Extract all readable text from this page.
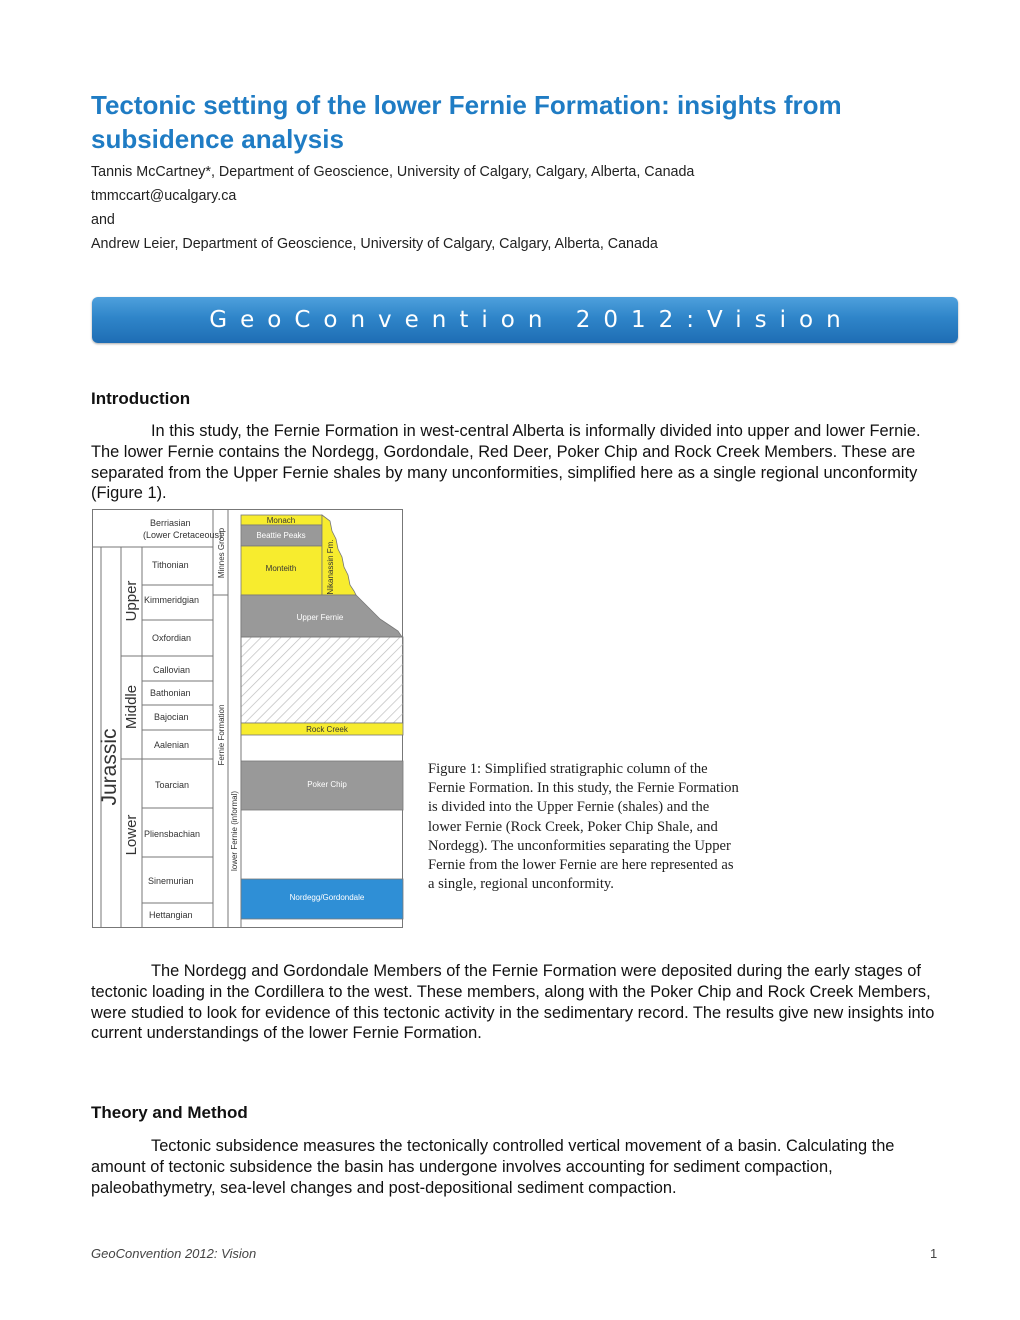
Tectonic setting of the lower Fernie Formation: insights from subsidence analysis
Tannis McCartney*, Department of Geoscience, University of Calgary, Calgary, Alberta, Canada
tmmccart@ucalgary.ca
and
Andrew Leier, Department of Geoscience, University of Calgary, Calgary, Alberta, Canada
GeoConvention 2012:Vision
Introduction

In this study, the Fernie Formation in west-central Alberta is informally divided into upper and lower Fernie. The lower Fernie contains the Nordegg, Gordondale, Red Deer, Poker Chip and Rock Creek Members. These are separated from the Upper Fernie shales by many unconformities, simplified here as a single regional unconformity (Figure 1).

Berriasian
(Lower Cretaceous)
Tithonian
Kimmeridgian
Oxfordian
Callovian
Bathonian
Bajocian
Aalenian
Toarcian
Pliensbachian
Sinemurian
Hettangian
Jurassic
Upper
Middle
Lower
Minnes Group
Fernie Formation
lower Fernie (informal)
Monach
Beattie Peaks
Monteith	Nikanassin Fm.
Upper Fernie
Rock Creek
Poker Chip
Nordegg/Gordondale

Figure 1: Simplified stratigraphic column of the Fernie Formation. In this study, the Fernie Formation is divided into the Upper Fernie (shales) and the lower Fernie (Rock Creek, Poker Chip Shale, and Nordegg). The unconformities separating the Upper Fernie from the lower Fernie are here represented as a single, regional unconformity.

The Nordegg and Gordondale Members of the Fernie Formation were deposited during the early stages of tectonic loading in the Cordillera to the west. These members, along with the Poker Chip and Rock Creek Members, were studied to look for evidence of this tectonic activity in the sedimentary record. The results give new insights into current understandings of the lower Fernie Formation.

Theory and Method

Tectonic subsidence measures the tectonically controlled vertical movement of a basin. Calculating the amount of tectonic subsidence the basin has undergone involves accounting for sediment compaction, paleobathymetry, sea-level changes and post-depositional sediment compaction.

GeoConvention 2012: Vision	1
